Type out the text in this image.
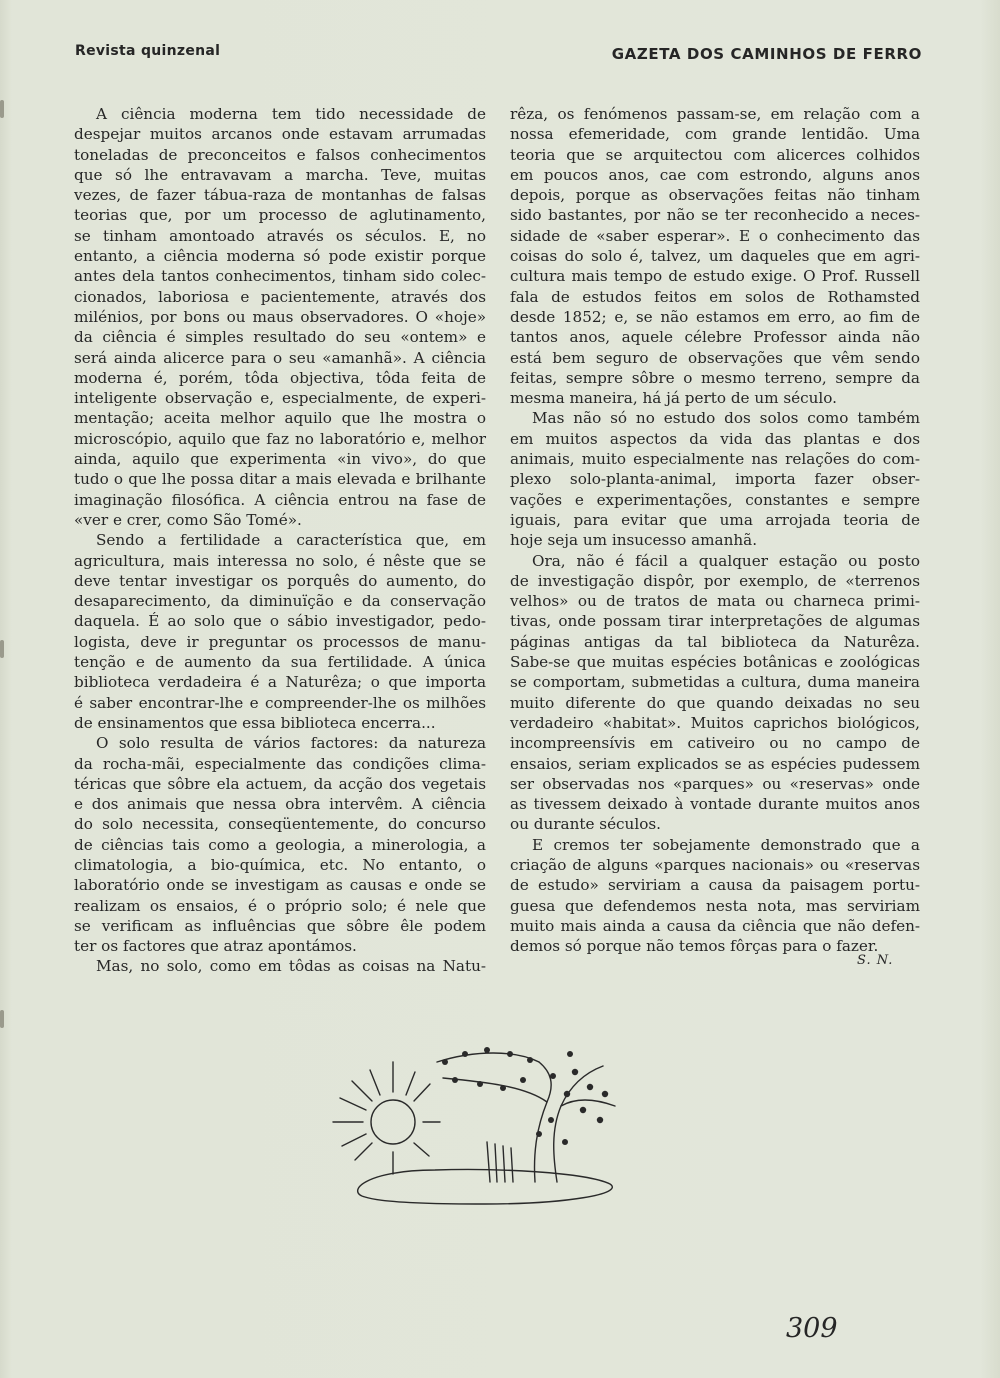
Revista quinzenal	GAZETA DOS CAMINHOS DE FERRO
A ciência moderna tem tido necessidade de
despejar muitos arcanos onde estavam arrumadas
toneladas de preconceitos e falsos conhecimentos
que só lhe entravavam a marcha. Teve, muitas
vezes, de fazer tábua-raza de montanhas de falsas
teorias que, por um processo de aglutinamento,
se tinham amontoado através os séculos. E, no
entanto, a ciência moderna só pode existir porque
antes dela tantos conhecimentos, tinham sido colec-
cionados, laboriosa e pacientemente, através dos
milénios, por bons ou maus observadores. O «hoje»
da ciência é simples resultado do seu «ontem» e
será ainda alicerce para o seu «amanhã». A ciência
moderna é, porém, tôda objectiva, tôda feita de
inteligente observação e, especialmente, de experi-
mentação; aceita melhor aquilo que lhe mostra o
microscópio, aquilo que faz no laboratório e, melhor
ainda, aquilo que experimenta «in vivo», do que
tudo o que lhe possa ditar a mais elevada e brilhante
imaginação filosófica. A ciência entrou na fase de
«ver e crer, como São Tomé».
Sendo a fertilidade a característica que, em
agricultura, mais interessa no solo, é nêste que se
deve tentar investigar os porquês do aumento, do
desaparecimento, da diminuïção e da conservação
daquela. É ao solo que o sábio investigador, pedo-
logista, deve ir preguntar os processos de manu-
tenção e de aumento da sua fertilidade. A única
biblioteca verdadeira é a Naturêza; o que importa
é saber encontrar-lhe e compreender-lhe os milhões
de ensinamentos que essa biblioteca encerra...
O solo resulta de vários factores: da natureza
da rocha-mãi, especialmente das condições clima-
téricas que sôbre ela actuem, da acção dos vegetais
e dos animais que nessa obra intervêm. A ciência
do solo necessita, conseqüentemente, do concurso
de ciências tais como a geologia, a minerologia, a
climatologia, a bio-química, etc. No entanto, o
laboratório onde se investigam as causas e onde se
realizam os ensaios, é o próprio solo; é nele que
se verificam as influências que sôbre êle podem
ter os factores que atraz apontámos.
Mas, no solo, como em tôdas as coisas na Natu-
rêza, os fenómenos passam-se, em relação com a
nossa efemeridade, com grande lentidão. Uma
teoria que se arquitectou com alicerces colhidos
em poucos anos, cae com estrondo, alguns anos
depois, porque as observações feitas não tinham
sido bastantes, por não se ter reconhecido a neces-
sidade de «saber esperar». E o conhecimento das
coisas do solo é, talvez, um daqueles que em agri-
cultura mais tempo de estudo exige. O Prof. Russell
fala de estudos feitos em solos de Rothamsted
desde 1852; e, se não estamos em erro, ao fim de
tantos anos, aquele célebre Professor ainda não
está bem seguro de observações que vêm sendo
feitas, sempre sôbre o mesmo terreno, sempre da
mesma maneira, há já perto de um século.
Mas não só no estudo dos solos como também
em muitos aspectos da vida das plantas e dos
animais, muito especialmente nas relações do com-
plexo solo-planta-animal, importa fazer obser-
vações e experimentações, constantes e sempre
iguais, para evitar que uma arrojada teoria de
hoje seja um insucesso amanhã.
Ora, não é fácil a qualquer estação ou posto
de investigação dispôr, por exemplo, de «terrenos
velhos» ou de tratos de mata ou charneca primi-
tivas, onde possam tirar interpretações de algumas
páginas antigas da tal biblioteca da Naturêza.
Sabe-se que muitas espécies botânicas e zoológicas
se comportam, submetidas a cultura, duma maneira
muito diferente do que quando deixadas no seu
verdadeiro «habitat». Muitos caprichos biológicos,
incompreensívis em cativeiro ou no campo de
ensaios, seriam explicados se as espécies pudessem
ser observadas nos «parques» ou «reservas» onde
as tivessem deixado à vontade durante muitos anos
ou durante séculos.
E cremos ter sobejamente demonstrado que a
criação de alguns «parques nacionais» ou «reservas
de estudo» serviriam a causa da paisagem portu-
guesa que defendemos nesta nota, mas serviriam
muito mais ainda a causa da ciência que não defen-
demos só porque não temos fôrças para o fazer.
S. N.
309
